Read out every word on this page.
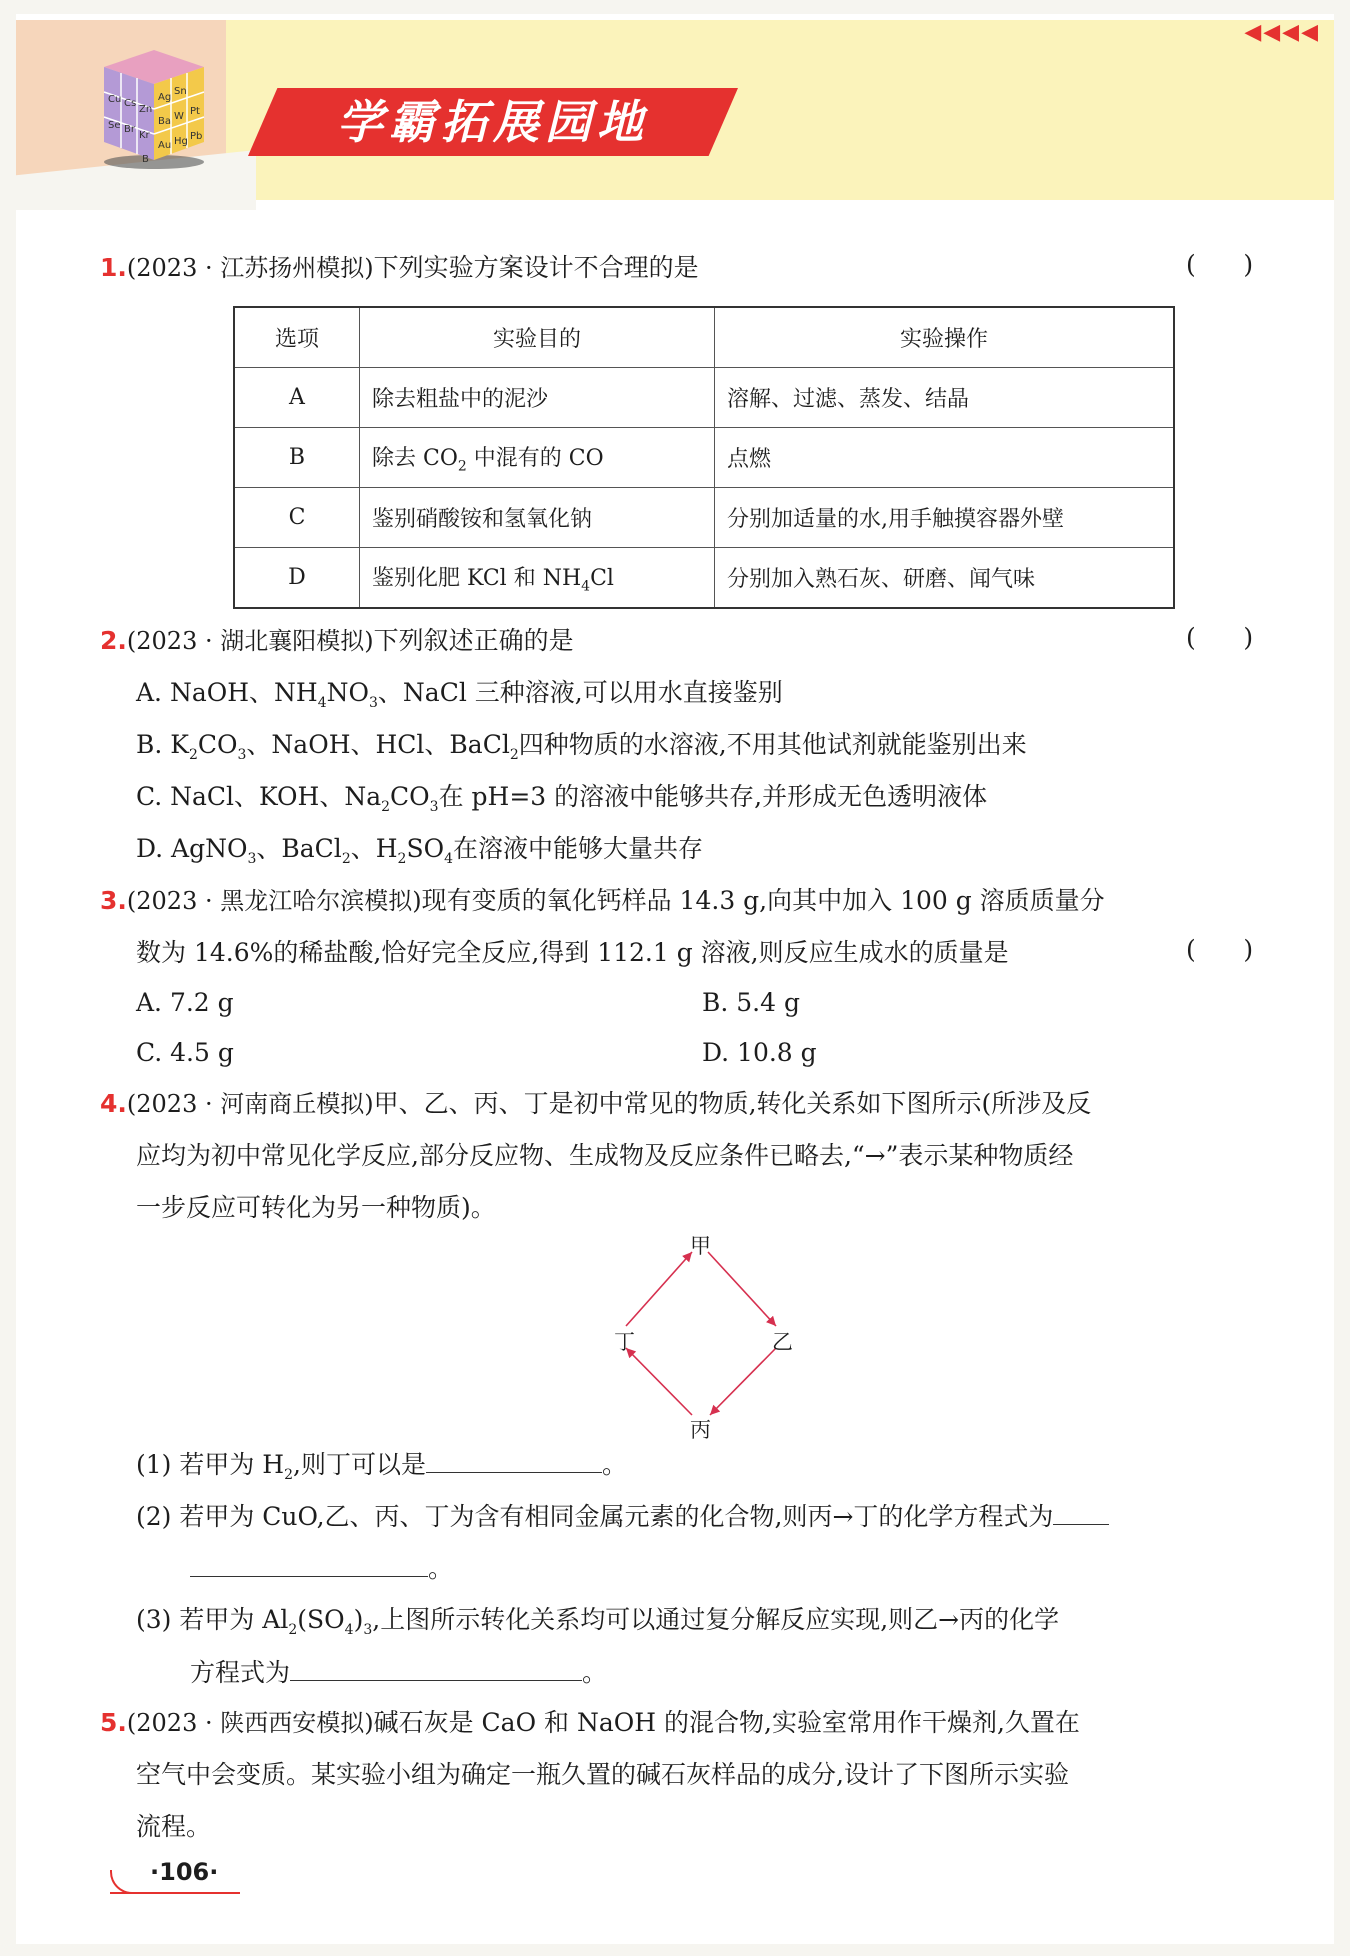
Ag
Sn
Ba W Pt
Cu
Au Hg Pb
Br
Kr
Se
Cs
Zn
B
学霸拓展园地
◀◀◀◀
1.(2023 · 江苏扬州模拟)下列实验方案设计不合理的是	(      )
选项	实验目的	实验操作
A	除去粗盐中的泥沙	溶解、过滤、蒸发、结晶
B	除去 $CO_2$ 中混有的 CO	点燃
C	鉴别硝酸铵和氢氧化钠	分别加适量的水,用手触摸容器外壁
D	鉴别化肥 KCl 和 $NH_4Cl$	分别加入熟石灰、研磨、闻气味
2.(2023 · 湖北襄阳模拟)下列叙述正确的是	(      )
A. NaOH、$NH_4NO_3$、NaCl 三种溶液,可以用水直接鉴别
B. $K_2CO_3$、NaOH、HCl、BaCl$_2$四种物质的水溶液,不用其他试剂就能鉴别出来
C. NaCl、KOH、$Na_2CO_3$在 pH=3 的溶液中能够共存,并形成无色透明液体
D. AgNO$_3$、BaCl$_2$、$H_2SO_4$在溶液中能够大量共存
3.(2023 · 黑龙江哈尔滨模拟)现有变质的氧化钙样品 14.3 g,向其中加入 100 g 溶质质量分
数为 14.6%的稀盐酸,恰好完全反应,得到 112.1 g 溶液,则反应生成水的质量是	(      )
A. 7.2 g	B. 5.4 g
C. 4.5 g	D. 10.8 g
4.(2023 · 河南商丘模拟)甲、乙、丙、丁是初中常见的物质,转化关系如下图所示(所涉及反
应均为初中常见化学反应,部分反应物、生成物及反应条件已略去,“→”表示某种物质经
一步反应可转化为另一种物质)。
甲
乙
丙
丁
(1) 若甲为 $H_2$,则丁可以是	。
(2) 若甲为 CuO,乙、丙、丁为含有相同金属元素的化合物,则丙→丁的化学方程式为
。
(3) 若甲为 $Al_2(SO_4)_3$,上图所示转化关系均可以通过复分解反应实现,则乙→丙的化学
方程式为	。
5.(2023 · 陕西西安模拟)碱石灰是 CaO 和 NaOH 的混合物,实验室常用作干燥剂,久置在
空气中会变质。某实验小组为确定一瓶久置的碱石灰样品的成分,设计了下图所示实验
流程。
·106·
